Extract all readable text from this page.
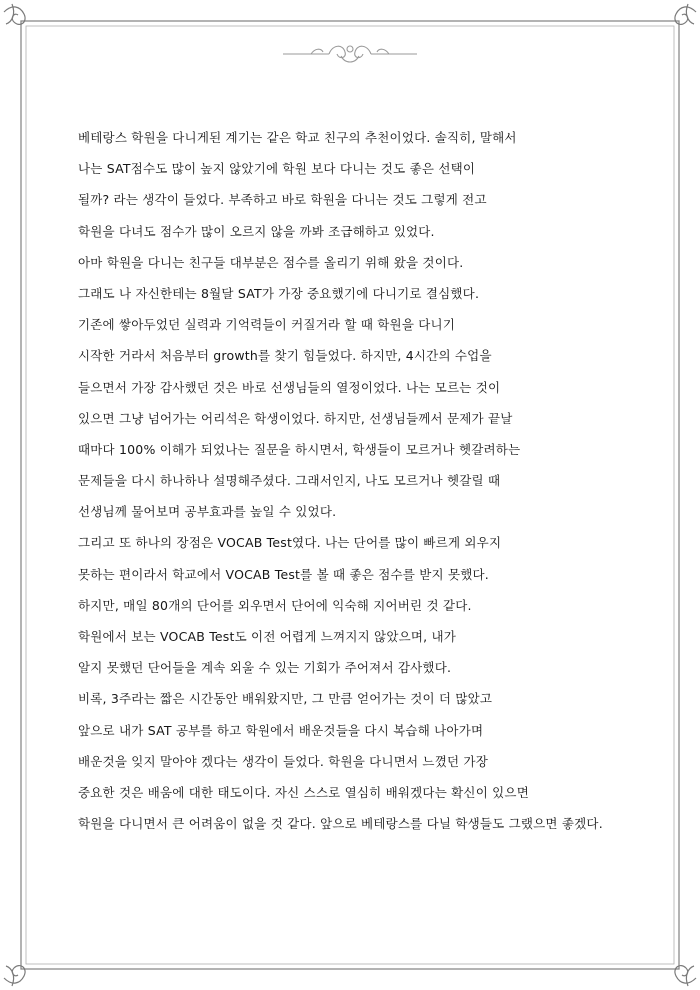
베테랑스 학원을 다니게된 계기는 같은 학교 친구의 추천이었다. 솔직히, 말해서
나는 SAT점수도 많이 높지 않았기에 학원 보다 다니는 것도 좋은 선택이
될까? 라는 생각이 들었다. 부족하고 바로 학원을 다니는 것도 그렇게 전고
학원을 다녀도 점수가 많이 오르지 않을 까봐 조급해하고 있었다.
아마 학원을 다니는 친구들 대부분은 점수를 올리기 위해 왔을 것이다.
그래도 나 자신한테는 8월달 SAT가 가장 중요했기에 다니기로 결심했다.
기존에 쌓아두었던 실력과 기억력들이 커질거라 할 때 학원을 다니기
시작한 거라서 처음부터 growth를 찾기 힘들었다. 하지만, 4시간의 수업을
들으면서 가장 감사했던 것은 바로 선생님들의 열정이었다. 나는 모르는 것이
있으면 그냥 넘어가는 어리석은 학생이었다. 하지만, 선생님들께서 문제가 끝날
때마다 100% 이해가 되었나는 질문을 하시면서, 학생들이 모르거나 헷갈려하는
문제들을 다시 하나하나 설명해주셨다. 그래서인지, 나도 모르거나 헷갈릴 때
선생님께 물어보며 공부효과를 높일 수 있었다.
그리고 또 하나의 장점은 VOCAB Test였다. 나는 단어를 많이 빠르게 외우지
못하는 편이라서 학교에서 VOCAB Test를 볼 때 좋은 점수를 받지 못했다.
하지만, 매일 80개의 단어를 외우면서 단어에 익숙해 지어버린 것 같다.
학원에서 보는 VOCAB Test도 이전 어렵게 느껴지지 않았으며, 내가
알지 못했던 단어들을 계속 외울 수 있는 기회가 주어져서 감사했다.
비록, 3주라는 짧은 시간동안 배워왔지만, 그 만큼 얻어가는 것이 더 많았고
앞으로 내가 SAT 공부를 하고 학원에서 배운것들을 다시 복습해 나아가며
배운것을 잊지 말아야 겠다는 생각이 들었다. 학원을 다니면서 느꼈던 가장
중요한 것은 배움에 대한 태도이다. 자신 스스로 열심히 배워겠다는 확신이 있으면
학원을 다니면서 큰 어려움이 없을 것 같다. 앞으로 베테랑스를 다닐 학생들도 그랬으면 좋겠다.
